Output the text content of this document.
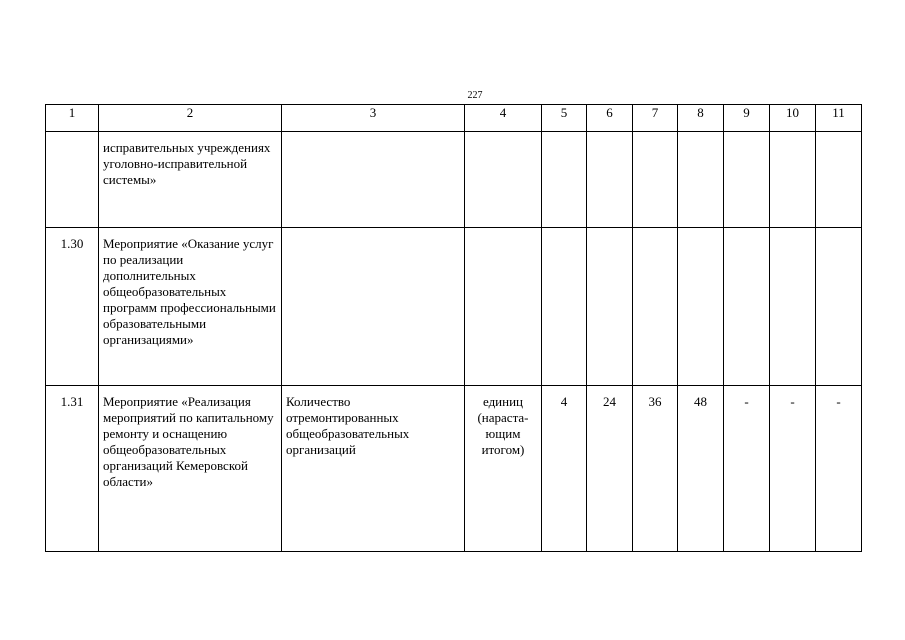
227
1	2	3	4	5	6	7	8	9	10	11
	исправительных учреждениях уголовно-исправительной системы»									
1.30	Мероприятие «Оказание услуг по реализации дополнительных общеобразовательных программ профессиональными образовательными организациями»									
1.31	Мероприятие «Реализация мероприятий по капитальному ремонту и оснащению общеобразовательных организаций Кемеровской области»	Количество отремонтированных общеобразовательных организаций	единиц (нараста-ющим итогом)	4	24	36	48	-	-	-
